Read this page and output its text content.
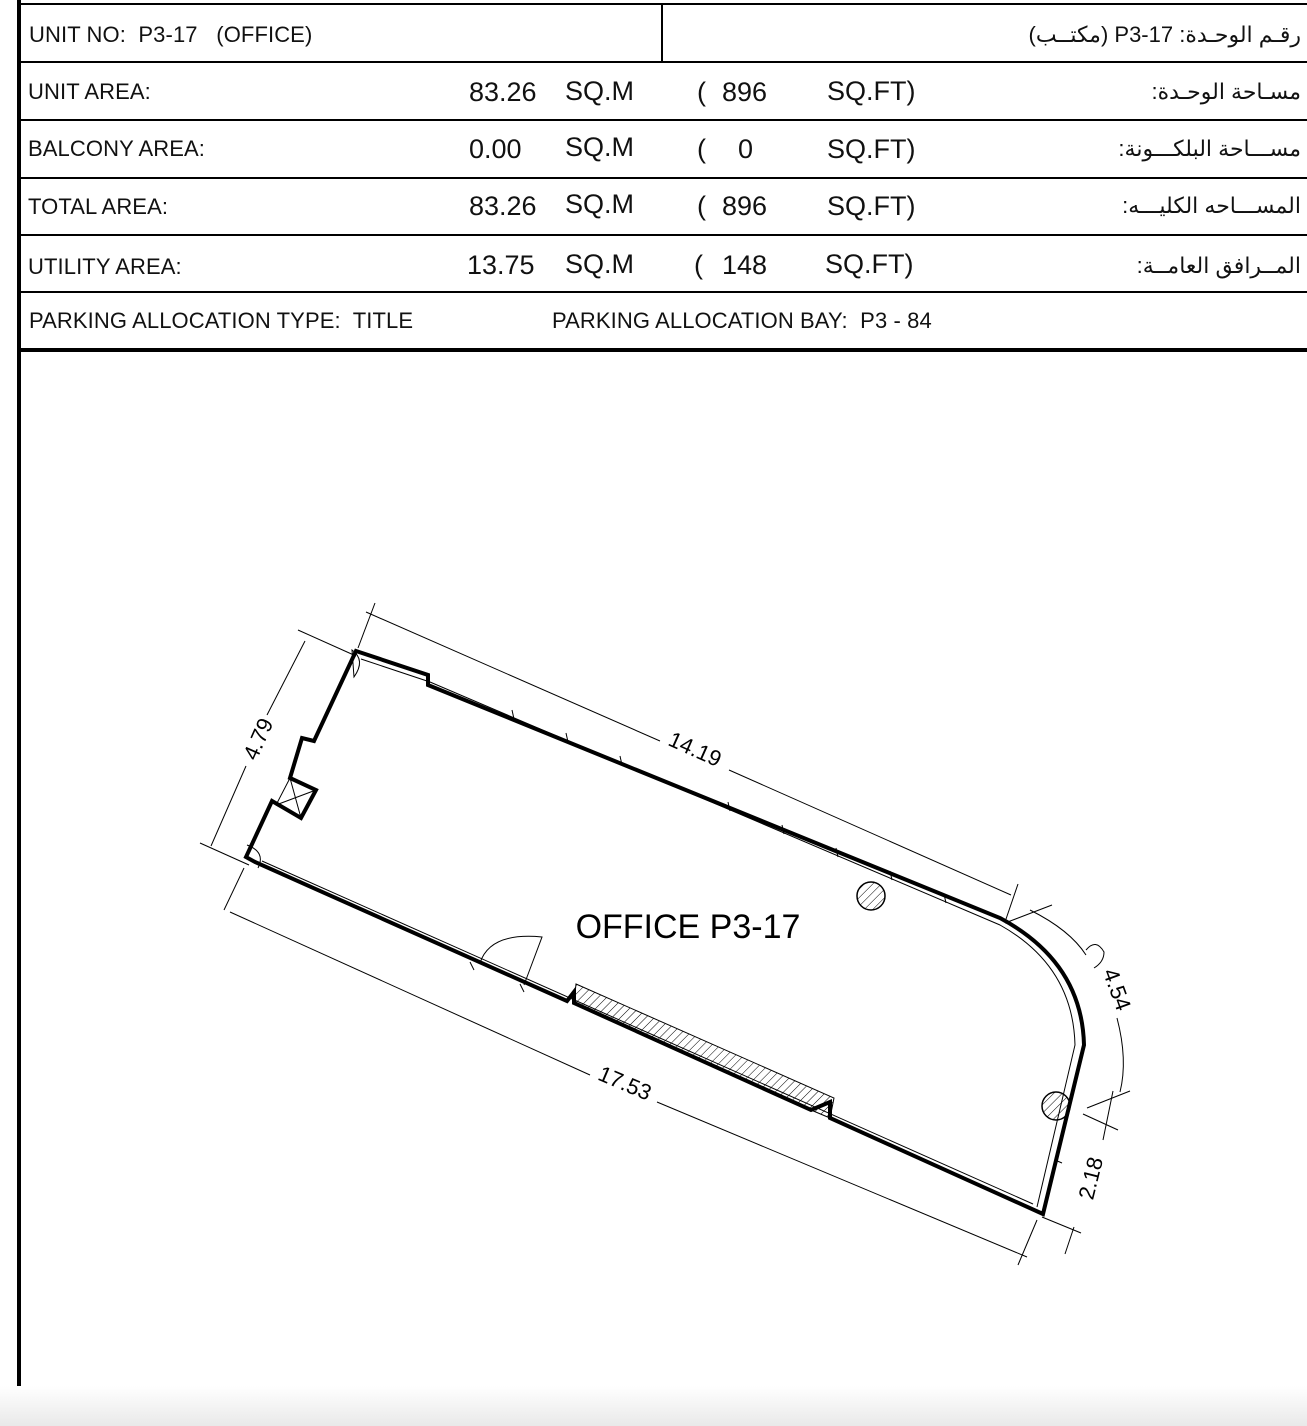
UNIT NO: P3-17 (OFFICE)	رقـم الوحـدة: P3-17 (مكتــب)
UNIT AREA:	83.26 SQ.M ( 896 SQ.FT)	مسـاحة الوحـدة:
BALCONY AREA:	0.00 SQ.M ( 0	SQ.FT)	مســـاحة البلكـــونة:
TOTAL AREA:	83.26 SQ.M ( 896 SQ.FT)	المســـاحه الكليـــه:
UTILITY AREA:	13.75 SQ.M ( 148 SQ.FT)	المــرافق العامــة:
PARKING ALLOCATION TYPE: TITLE	PARKING ALLOCATION BAY: P3 - 84
14.19
4.79
17.53
4.54
2.18
OFFICE P3-17
